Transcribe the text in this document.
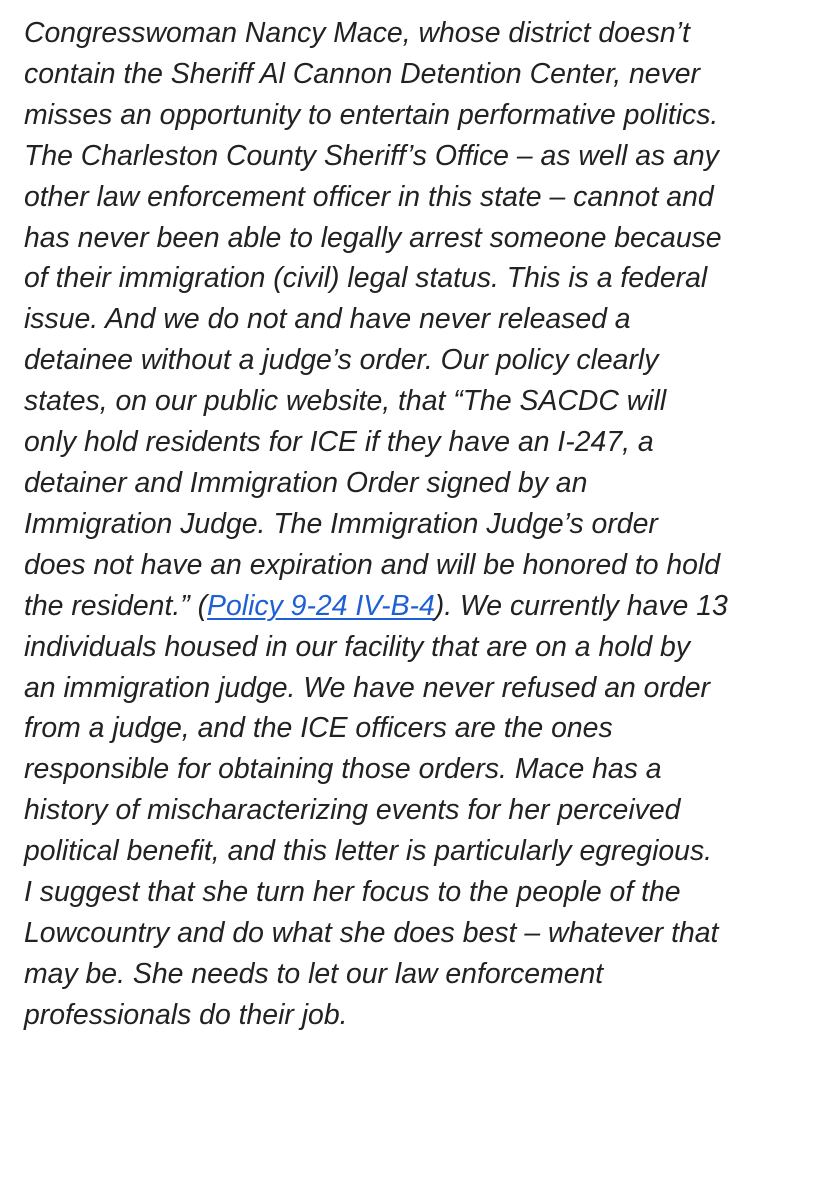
Congresswoman Nancy Mace, whose district doesn’t
contain the Sheriff Al Cannon Detention Center, never
misses an opportunity to entertain performative politics.
The Charleston County Sheriff’s Office – as well as any
other law enforcement officer in this state – cannot and
has never been able to legally arrest someone because
of their immigration (civil) legal status. This is a federal
issue. And we do not and have never released a
detainee without a judge’s order. Our policy clearly
states, on our public website, that “The SACDC will
only hold residents for ICE if they have an I-247, a
detainer and Immigration Order signed by an
Immigration Judge. The Immigration Judge’s order
does not have an expiration and will be honored to hold
the resident.” (Policy 9-24 IV-B-4). We currently have 13
individuals housed in our facility that are on a hold by
an immigration judge. We have never refused an order
from a judge, and the ICE officers are the ones
responsible for obtaining those orders. Mace has a
history of mischaracterizing events for her perceived
political benefit, and this letter is particularly egregious.
I suggest that she turn her focus to the people of the
Lowcountry and do what she does best – whatever that
may be. She needs to let our law enforcement
professionals do their job.
